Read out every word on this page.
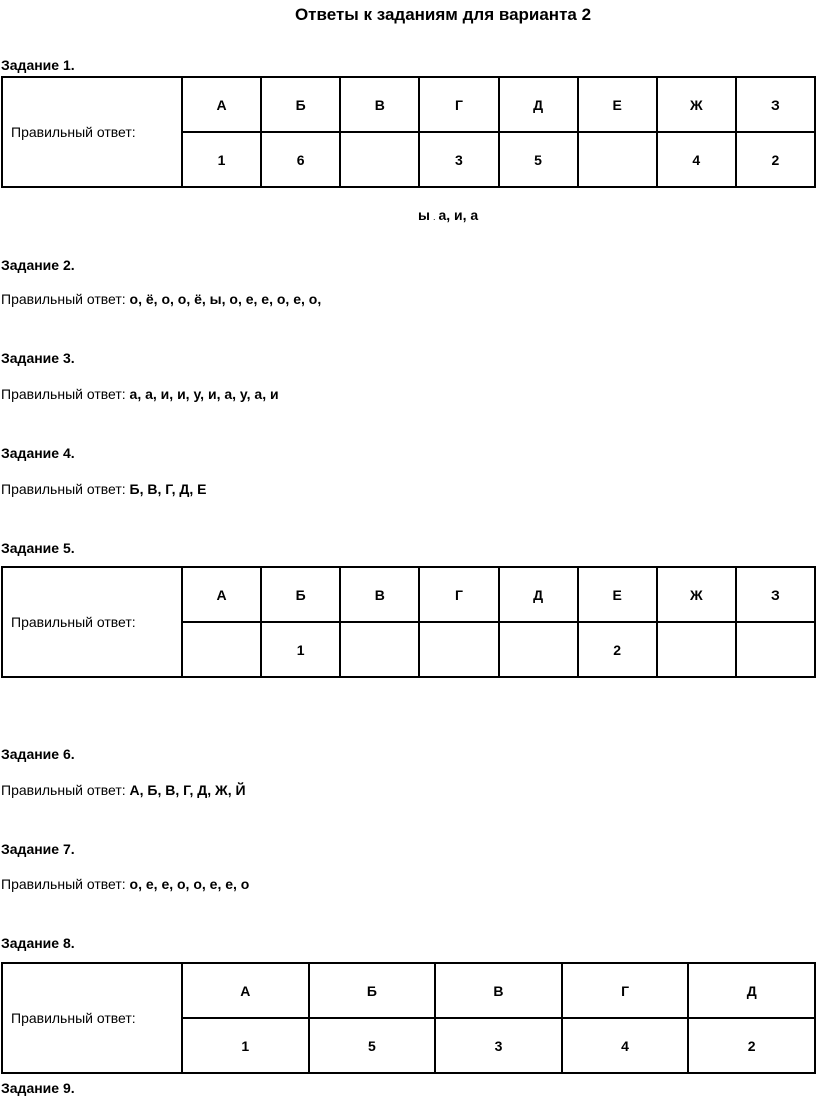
Ответы к заданиям для варианта 2
Задание 1.
Правильный ответ:	А	Б	В	Г	Д	Е	Ж	З
	1	6		3	5		4	2
ы . а, и, а
Задание 2.
Правильный ответ: о, ё, о, о, ё, ы, о, е, е, о, е, о,
Задание 3.
Правильный ответ: а, а, и, и, у, и, а, у, а, и
Задание 4.
Правильный ответ: Б, В, Г, Д, Е
Задание 5.
Правильный ответ:	А	Б	В	Г	Д	Е	Ж	З
		1				2		
Задание 6.
Правильный ответ: А, Б, В, Г, Д, Ж, Й
Задание 7.
Правильный ответ: о, е, е, о, о, е, е, о
Задание 8.
Правильный ответ:	А	Б	В	Г	Д
	1	5	3	4	2
Задание 9.
